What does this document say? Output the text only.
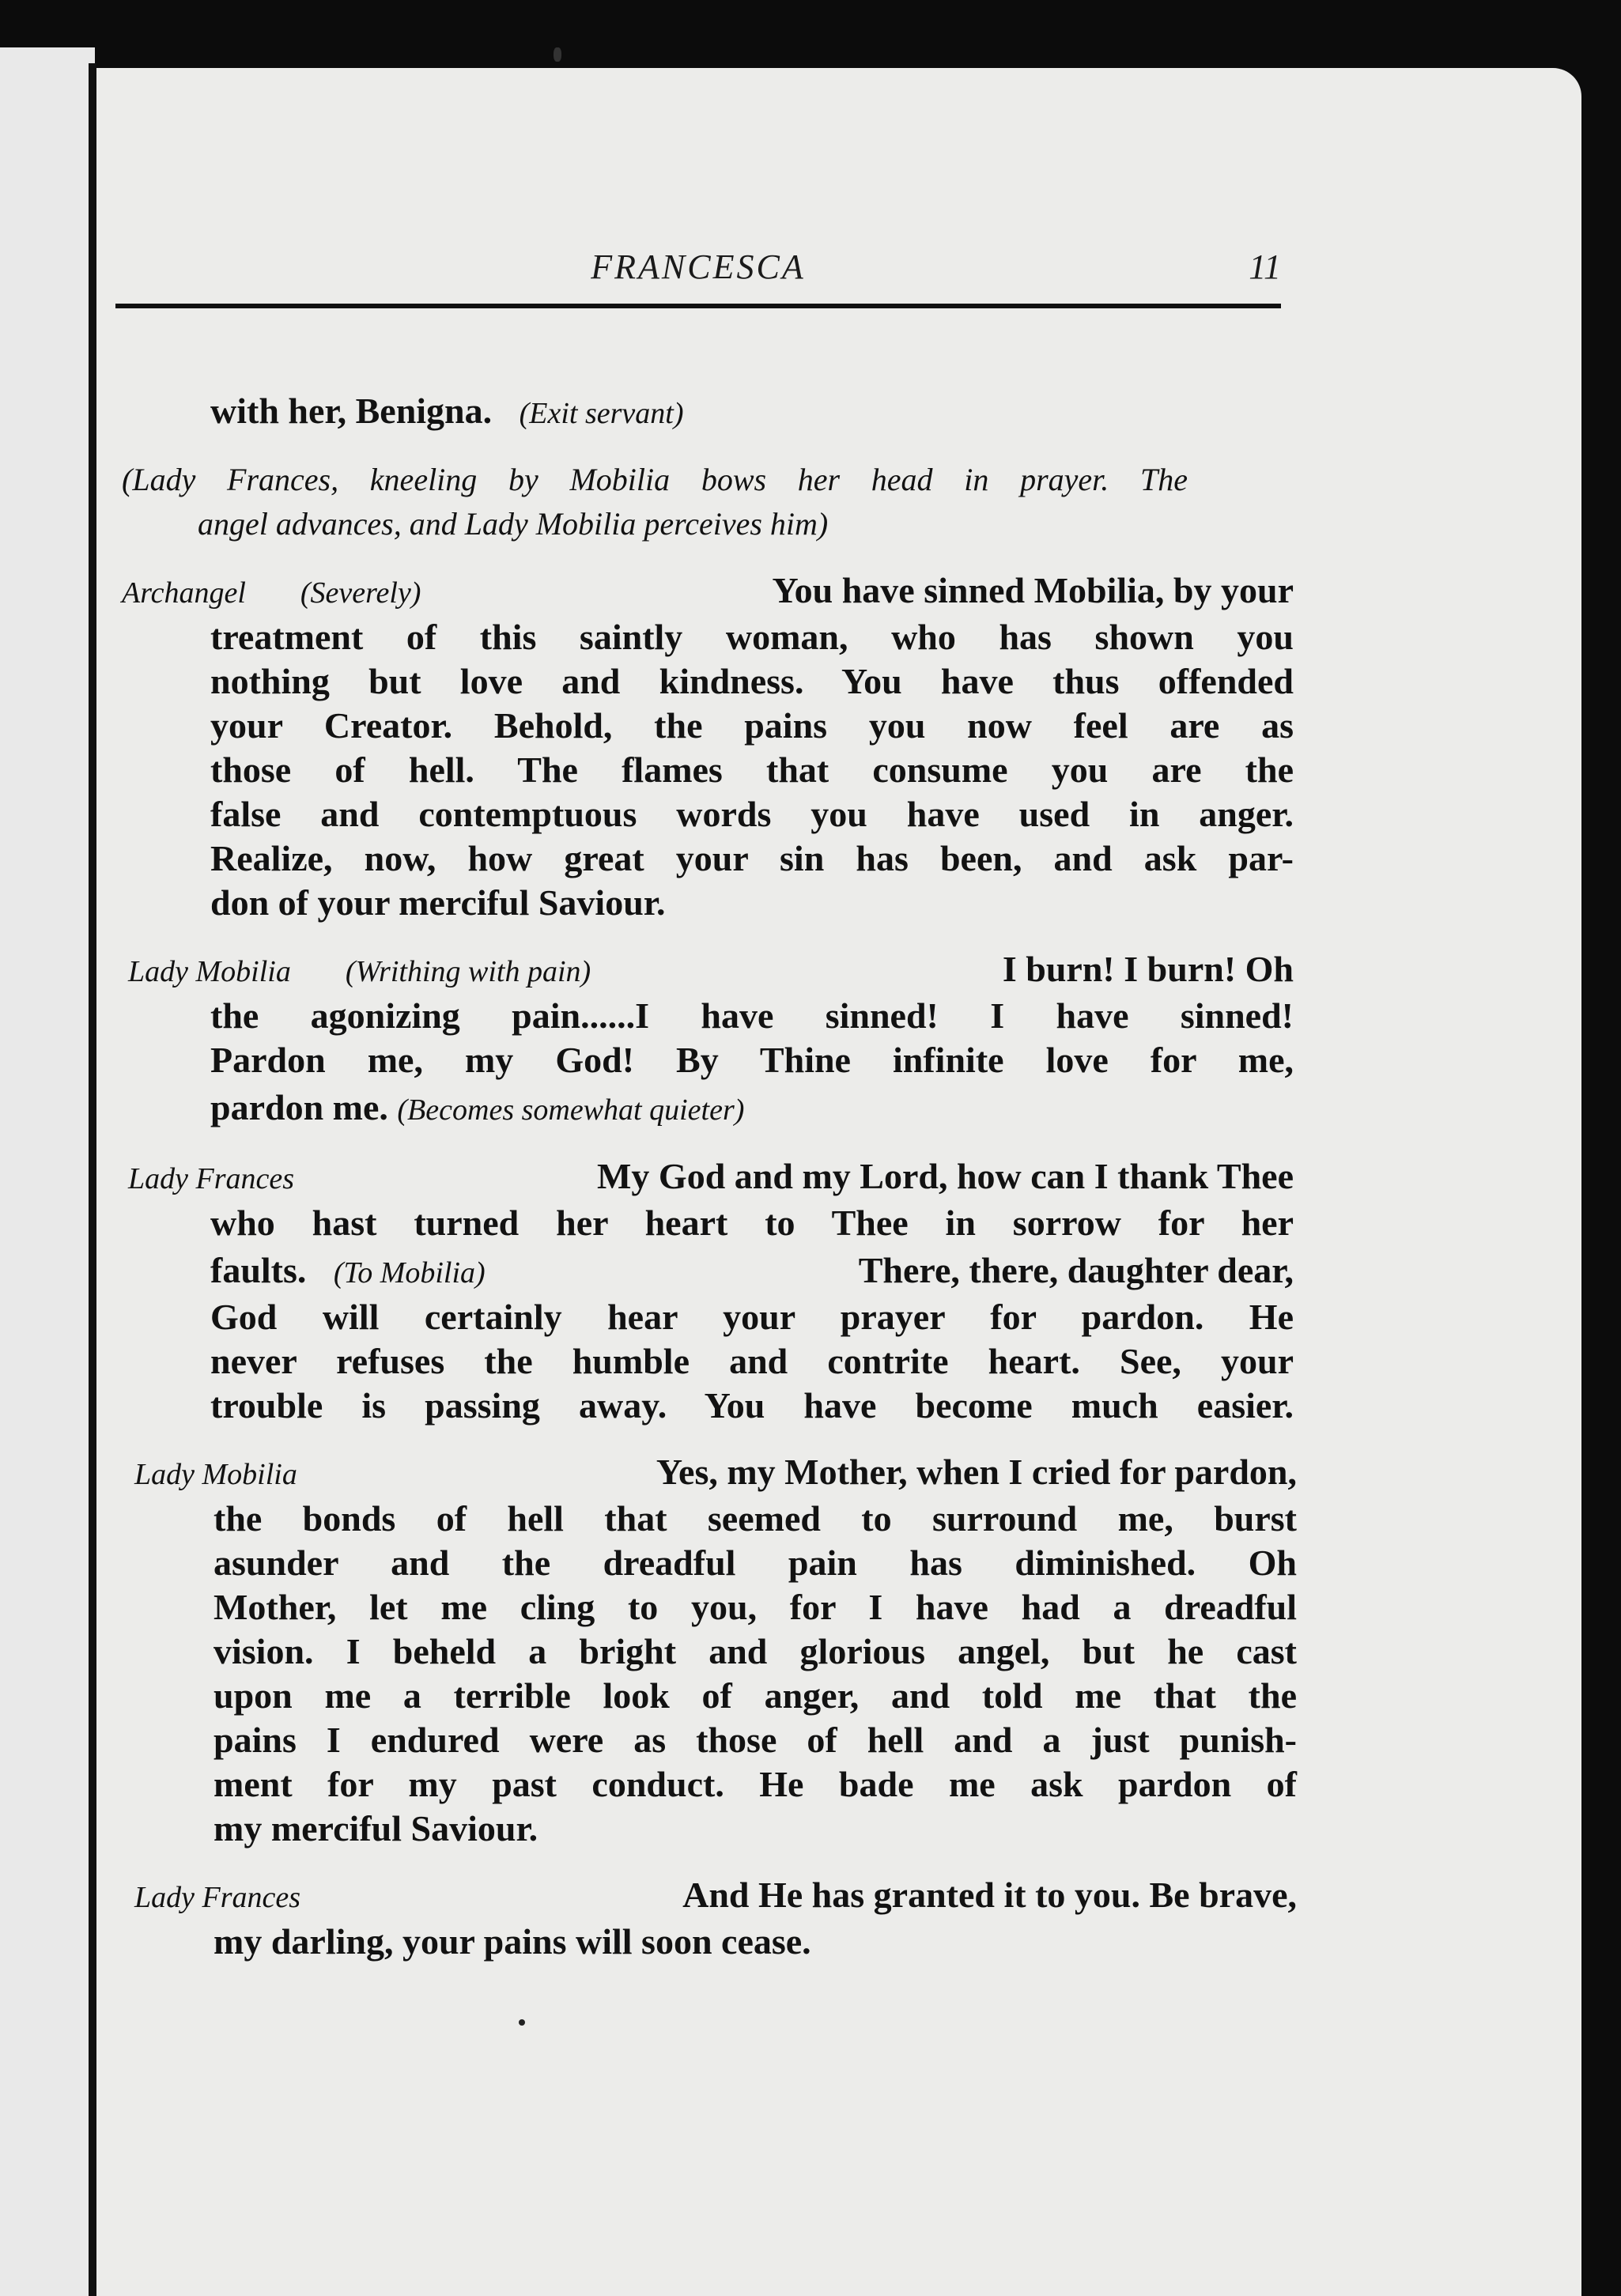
FRANCESCA	11
with her, Benigna. (Exit servant)
(Lady Frances, kneeling by Mobilia bows her head in prayer. The
angel advances, and Lady Mobilia perceives him)
Archangel (Severely)	You have sinned Mobilia, by your
treatment of this saintly woman, who has shown you
nothing but love and kindness. You have thus offended
your Creator. Behold, the pains you now feel are as
those of hell. The flames that consume you are the
false and contemptuous words you have used in anger.
Realize, now, how great your sin has been, and ask par-
don of your merciful Saviour.
Lady Mobilia (Writhing with pain)	I burn! I burn! Oh
the agonizing pain......I have sinned! I have sinned!
Pardon me, my God! By Thine infinite love for me,
pardon me. (Becomes somewhat quieter)
Lady Frances	My God and my Lord, how can I thank Thee
who hast turned her heart to Thee in sorrow for her
faults. (To Mobilia)	There, there, daughter dear,
God will certainly hear your prayer for pardon. He
never refuses the humble and contrite heart. See, your
trouble is passing away. You have become much easier.
Lady Mobilia	Yes, my Mother, when I cried for pardon,
the bonds of hell that seemed to surround me, burst
asunder and the dreadful pain has diminished. Oh
Mother, let me cling to you, for I have had a dreadful
vision. I beheld a bright and glorious angel, but he cast
upon me a terrible look of anger, and told me that the
pains I endured were as those of hell and a just punish-
ment for my past conduct. He bade me ask pardon of
my merciful Saviour.
Lady Frances	And He has granted it to you. Be brave,
my darling, your pains will soon cease.
